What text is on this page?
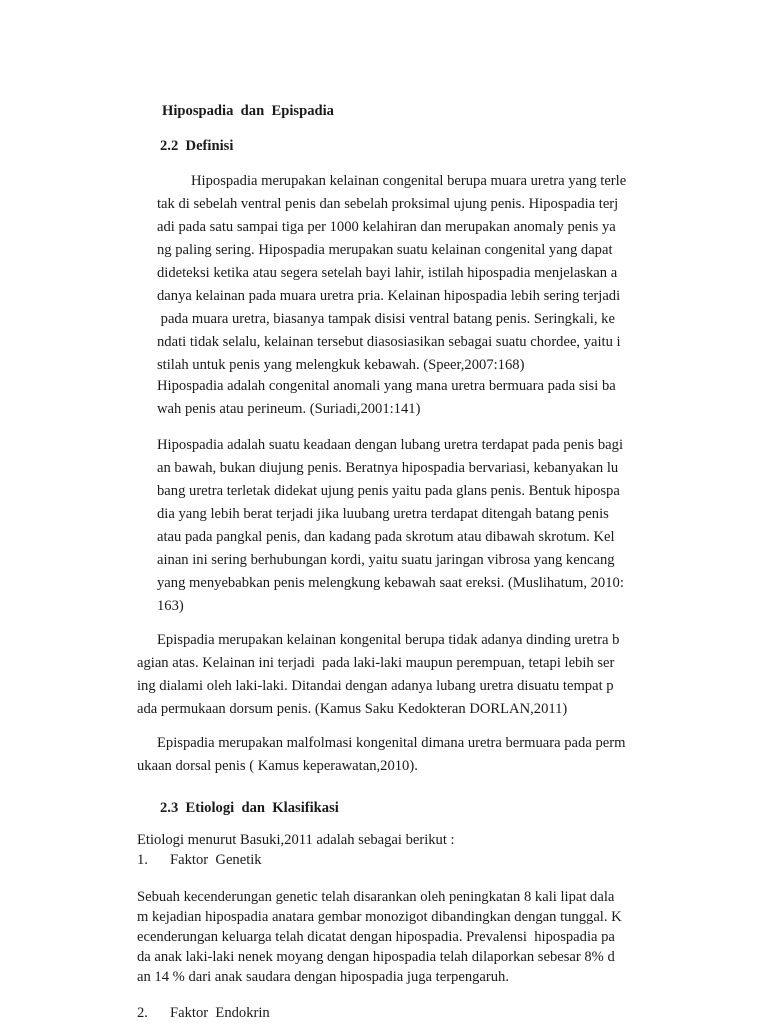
Hipospadia  dan  Epispadia
2.2  Definisi
Hipospadia merupakan kelainan congenital berupa muara uretra yang terle
tak di sebelah ventral penis dan sebelah proksimal ujung penis. Hipospadia terj
adi pada satu sampai tiga per 1000 kelahiran dan merupakan anomaly penis ya
ng paling sering. Hipospadia merupakan suatu kelainan congenital yang dapat
dideteksi ketika atau segera setelah bayi lahir, istilah hipospadia menjelaskan a
danya kelainan pada muara uretra pria. Kelainan hipospadia lebih sering terjadi
pada muara uretra, biasanya tampak disisi ventral batang penis. Seringkali, ke
ndati tidak selalu, kelainan tersebut diasosiasikan sebagai suatu chordee, yaitu i
stilah untuk penis yang melengkuk kebawah. (Speer,2007:168)
Hipospadia adalah congenital anomali yang mana uretra bermuara pada sisi ba
wah penis atau perineum. (Suriadi,2001:141)
Hipospadia adalah suatu keadaan dengan lubang uretra terdapat pada penis bagi
an bawah, bukan diujung penis. Beratnya hipospadia bervariasi, kebanyakan lu
bang uretra terletak didekat ujung penis yaitu pada glans penis. Bentuk hipospa
dia yang lebih berat terjadi jika luubang uretra terdapat ditengah batang penis
atau pada pangkal penis, dan kadang pada skrotum atau dibawah skrotum. Kel
ainan ini sering berhubungan kordi, yaitu suatu jaringan vibrosa yang kencang
yang menyebabkan penis melengkung kebawah saat ereksi. (Muslihatum, 2010:
163)
Epispadia merupakan kelainan kongenital berupa tidak adanya dinding uretra b
agian atas. Kelainan ini terjadi  pada laki-laki maupun perempuan, tetapi lebih ser
ing dialami oleh laki-laki. Ditandai dengan adanya lubang uretra disuatu tempat p
ada permukaan dorsum penis. (Kamus Saku Kedokteran DORLAN,2011)
Epispadia merupakan malfolmasi kongenital dimana uretra bermuara pada perm
ukaan dorsal penis ( Kamus keperawatan,2010).
2.3  Etiologi  dan  Klasifikasi
Etiologi menurut Basuki,2011 adalah sebagai berikut :
1. Faktor  Genetik
Sebuah kecenderungan genetic telah disarankan oleh peningkatan 8 kali lipat dala
m kejadian hipospadia anatara gembar monozigot dibandingkan dengan tunggal. K
ecenderungan keluarga telah dicatat dengan hipospadia. Prevalensi  hipospadia pa
da anak laki-laki nenek moyang dengan hipospadia telah dilaporkan sebesar 8% d
an 14 % dari anak saudara dengan hipospadia juga terpengaruh.
2. Faktor  Endokrin
